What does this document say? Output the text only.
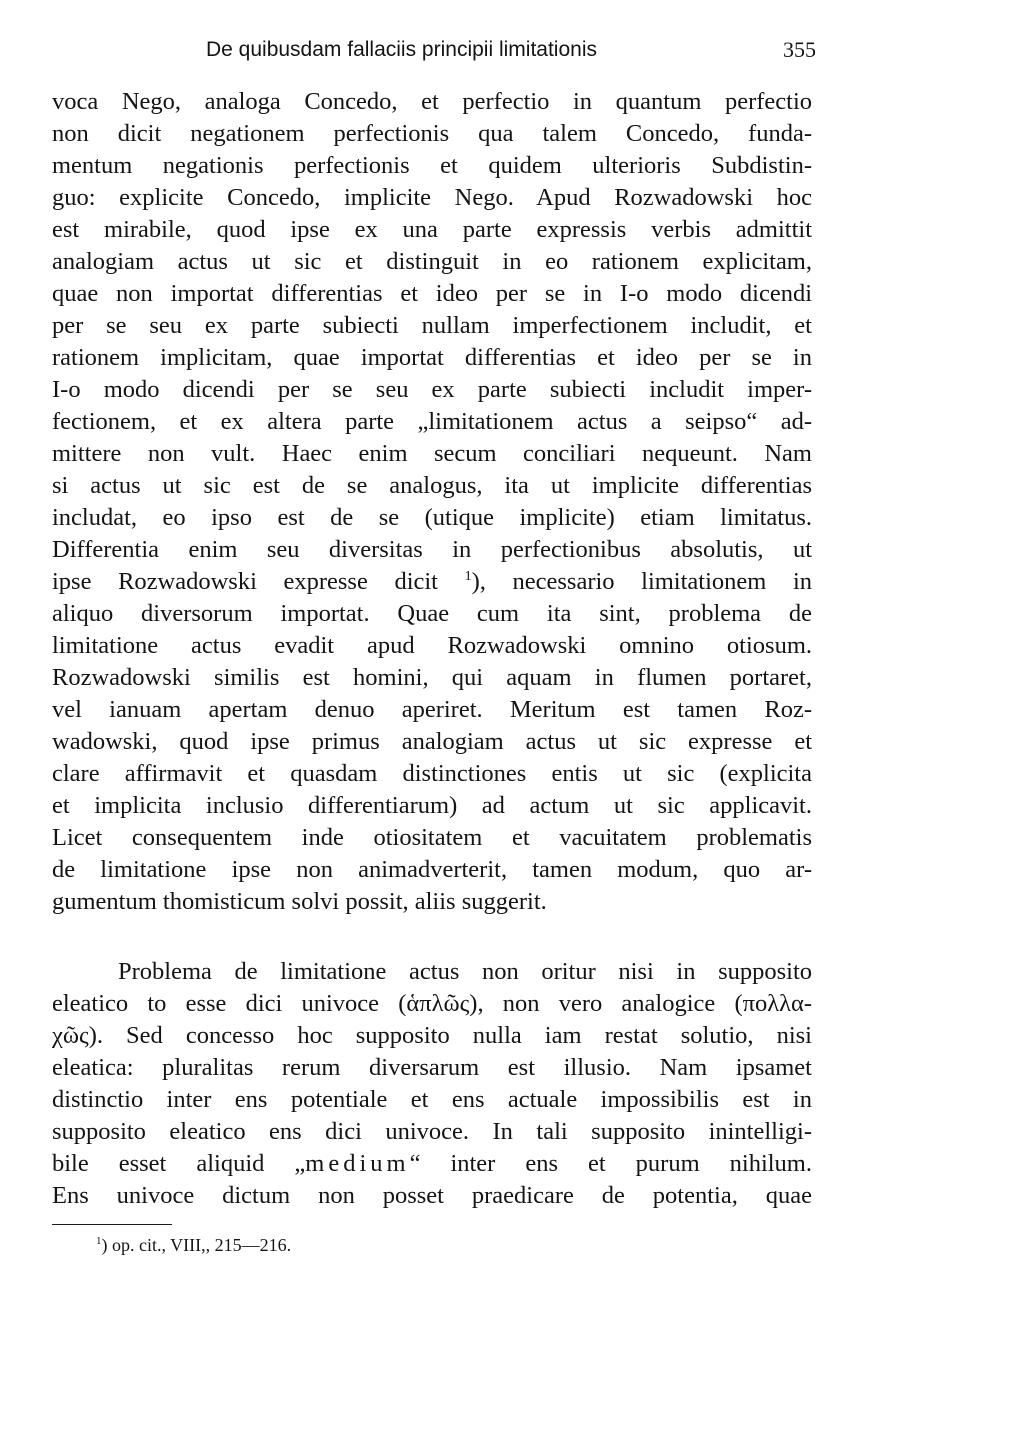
De quibusdam fallaciis principii limitationis	355
voca Nego, analoga Concedo, et perfectio in quantum perfectio
non dicit negationem perfectionis qua talem Concedo, funda-
mentum negationis perfectionis et quidem ulterioris Subdistin-
guo: explicite Concedo, implicite Nego. Apud Rozwadowski hoc
est mirabile, quod ipse ex una parte expressis verbis admittit
analogiam actus ut sic et distinguit in eo rationem explicitam,
quae non importat differentias et ideo per se in I-o modo dicendi
per se seu ex parte subiecti nullam imperfectionem includit, et
rationem implicitam, quae importat differentias et ideo per se in
I-o modo dicendi per se seu ex parte subiecti includit imper-
fectionem, et ex altera parte „limitationem actus a seipso“ ad-
mittere non vult. Haec enim secum conciliari nequeunt. Nam
si actus ut sic est de se analogus, ita ut implicite differentias
includat, eo ipso est de se (utique implicite) etiam limitatus.
Differentia enim seu diversitas in perfectionibus absolutis, ut
ipse Rozwadowski expresse dicit $^1$), necessario limitationem in
aliquo diversorum importat. Quae cum ita sint, problema de
limitatione actus evadit apud Rozwadowski omnino otiosum.
Rozwadowski similis est homini, qui aquam in flumen portaret,
vel ianuam apertam denuo aperiret. Meritum est tamen Roz-
wadowski, quod ipse primus analogiam actus ut sic expresse et
clare affirmavit et quasdam distinctiones entis ut sic (explicita
et implicita inclusio differentiarum) ad actum ut sic applicavit.
Licet consequentem inde otiositatem et vacuitatem problematis
de limitatione ipse non animadverterit, tamen modum, quo ar-
gumentum thomisticum solvi possit, aliis suggerit.
Problema de limitatione actus non oritur nisi in supposito
eleatico to esse dici univoce (ἁπλῶς), non vero analogice (πολλα-
χῶς). Sed concesso hoc supposito nulla iam restat solutio, nisi
eleatica: pluralitas rerum diversarum est illusio. Nam ipsamet
distinctio inter ens potentiale et ens actuale impossibilis est in
supposito eleatico ens dici univoce. In tali supposito inintelligi-
bile esset aliquid „medium“ inter ens et purum nihilum.
Ens univoce dictum non posset praedicare de potentia, quae
$^1$) op. cit., VIII,, 215—216.
